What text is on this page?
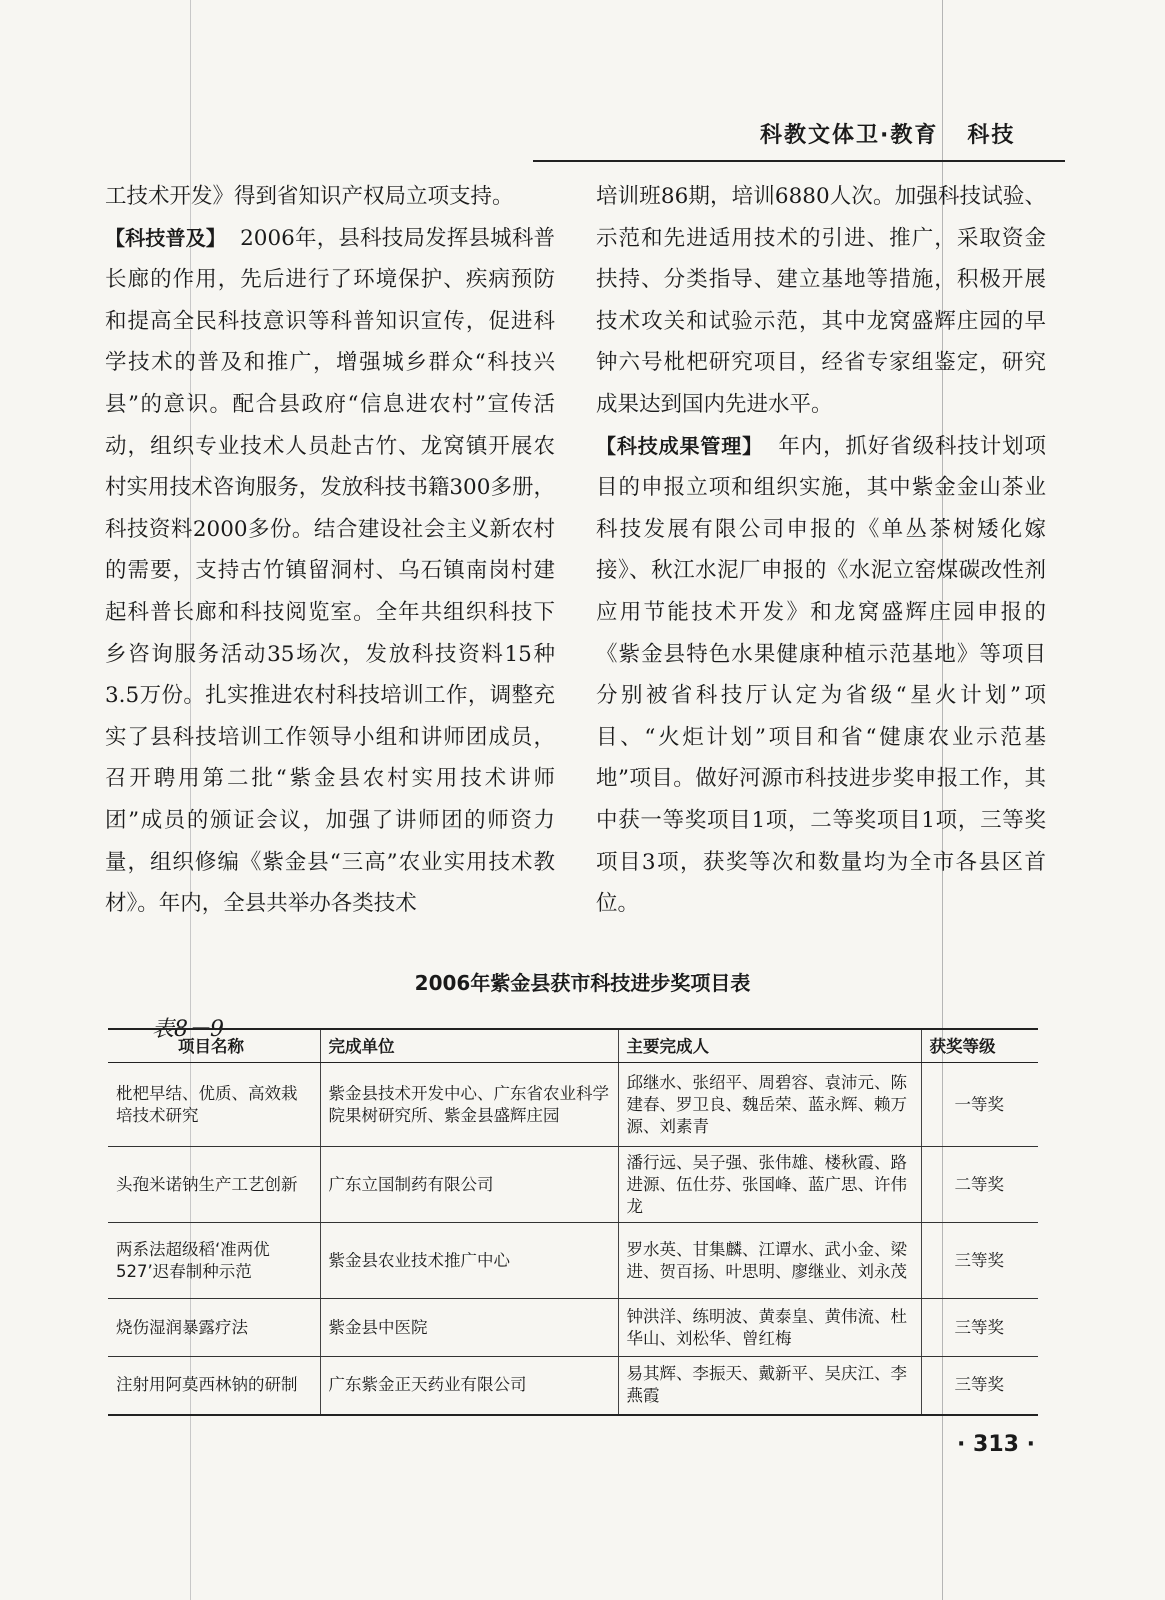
科教文体卫·教育 科技

工技术开发》得到省知识产权局立项支持。

【科技普及】 2006年，县科技局发挥县城科普长廊的作用，先后进行了环境保护、疾病预防和提高全民科技意识等科普知识宣传，促进科学技术的普及和推广，增强城乡群众“科技兴县”的意识。配合县政府“信息进农村”宣传活动，组织专业技术人员赴古竹、龙窝镇开展农村实用技术咨询服务，发放科技书籍300多册，科技资料2000多份。结合建设社会主义新农村的需要，支持古竹镇留洞村、乌石镇南岗村建起科普长廊和科技阅览室。全年共组织科技下乡咨询服务活动35场次，发放科技资料15种3.5万份。扎实推进农村科技培训工作，调整充实了县科技培训工作领导小组和讲师团成员，召开聘用第二批“紫金县农村实用技术讲师团”成员的颁证会议，加强了讲师团的师资力量，组织修编《紫金县“三高”农业实用技术教材》。年内，全县共举办各类技术

培训班86期，培训6880人次。加强科技试验、示范和先进适用技术的引进、推广，采取资金扶持、分类指导、建立基地等措施，积极开展技术攻关和试验示范，其中龙窝盛辉庄园的早钟六号枇杷研究项目，经省专家组鉴定，研究成果达到国内先进水平。

【科技成果管理】 年内，抓好省级科技计划项目的申报立项和组织实施，其中紫金金山茶业科技发展有限公司申报的《单丛茶树矮化嫁接》、秋江水泥厂申报的《水泥立窑煤碳改性剂应用节能技术开发》和龙窝盛辉庄园申报的《紫金县特色水果健康种植示范基地》等项目分别被省科技厅认定为省级“星火计划”项目、“火炬计划”项目和省“健康农业示范基地”项目。做好河源市科技进步奖申报工作，其中获一等奖项目1项，二等奖项目1项，三等奖项目3项，获奖等次和数量均为全市各县区首位。

2006年紫金县获市科技进步奖项目表
表8－9
项目名称	完成单位	主要完成人	获奖等级
枇杷早结、优质、高效栽培技术研究	紫金县技术开发中心、广东省农业科学院果树研究所、紫金县盛辉庄园	邱继水、张绍平、周碧容、袁沛元、陈建春、罗卫良、魏岳荣、蓝永辉、赖万源、刘素青	一等奖
头孢米诺钠生产工艺创新	广东立国制药有限公司	潘行远、吴子强、张伟雄、楼秋霞、路进源、伍仕芬、张国峰、蓝广思、许伟龙	二等奖
两系法超级稻‘准两优527’迟春制种示范	紫金县农业技术推广中心	罗水英、甘集麟、江谭水、武小金、梁进、贺百扬、叶思明、廖继业、刘永茂	三等奖
烧伤湿润暴露疗法	紫金县中医院	钟洪洋、练明波、黄泰皇、黄伟流、杜华山、刘松华、曾红梅	三等奖
注射用阿莫西林钠的研制	广东紫金正天药业有限公司	易其辉、李振天、戴新平、吴庆江、李燕霞	三等奖
· 313 ·
